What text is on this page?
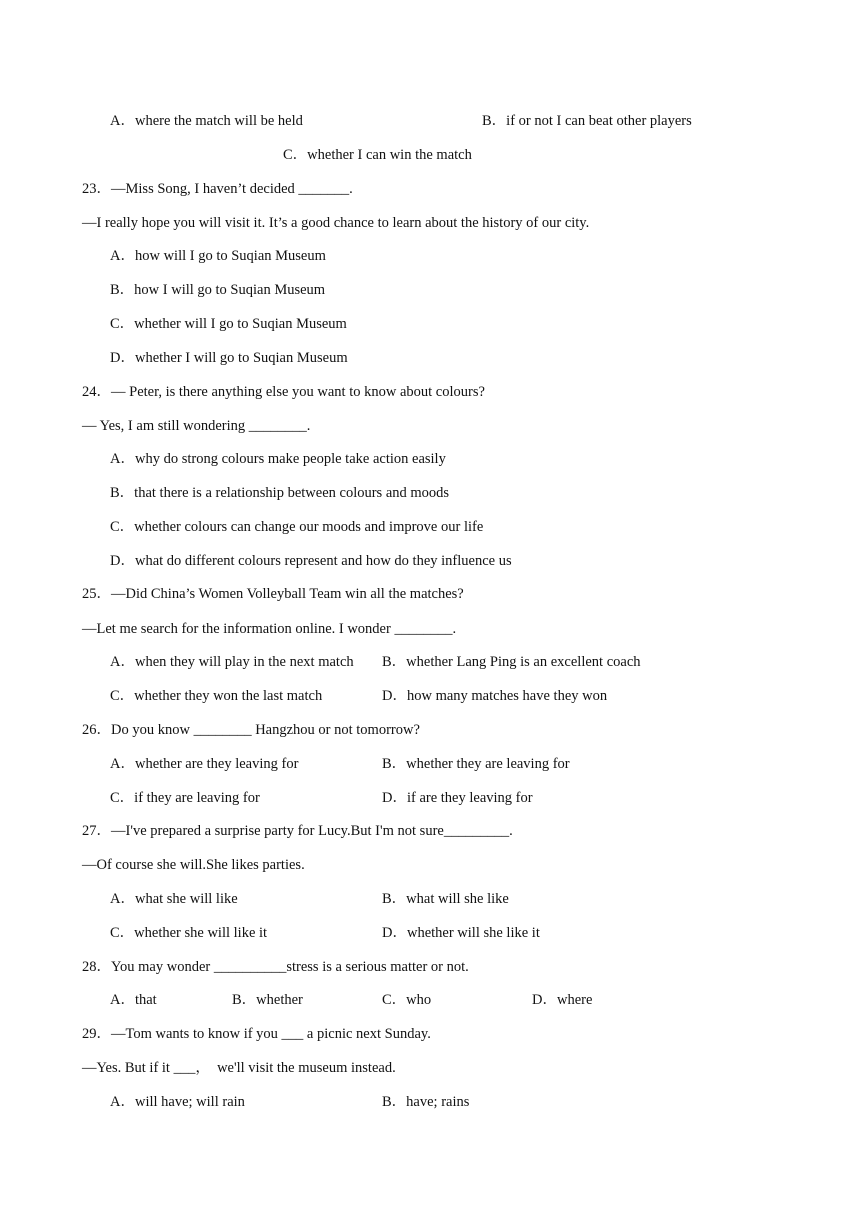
A．where the match will be held	B．if or not I can beat other players
C．whether I can win the match
23．—Miss Song, I haven’t decided _______.
—I really hope you will visit it. It’s a good chance to learn about the history of our city.
A．how will I go to Suqian Museum
B．how I will go to Suqian Museum
C．whether will I go to Suqian Museum
D．whether I will go to Suqian Museum
24．— Peter, is there anything else you want to know about colours?
— Yes, I am still wondering ________.
A．why do strong colours make people take action easily
B．that there is a relationship between colours and moods
C．whether colours can change our moods and improve our life
D．what do different colours represent and how do they influence us
25．—Did China’s Women Volleyball Team win all the matches?
—Let me search for the information online. I wonder ________.
A．when they will play in the next match B．whether Lang Ping is an excellent coach
C．whether they won the last match	D．how many matches have they won
26．Do you know ________ Hangzhou or not tomorrow?
A．whether are they leaving for	B．whether they are leaving for
C．if they are leaving for	D．if are they leaving for
27．—I've prepared a surprise party for Lucy.But I'm not sure_________.
—Of course she will.She likes parties.
A．what she will like	B．what will she like
C．whether she will like it	D．whether will she like it
28．You may wonder __________stress is a serious matter or not.
A．that	B．whether	C．who	D．where
29．—Tom wants to know if you ___ a picnic next Sunday.
—Yes. But if it ___，  we'll visit the museum instead.
A．will have; will rain	B．have; rains
